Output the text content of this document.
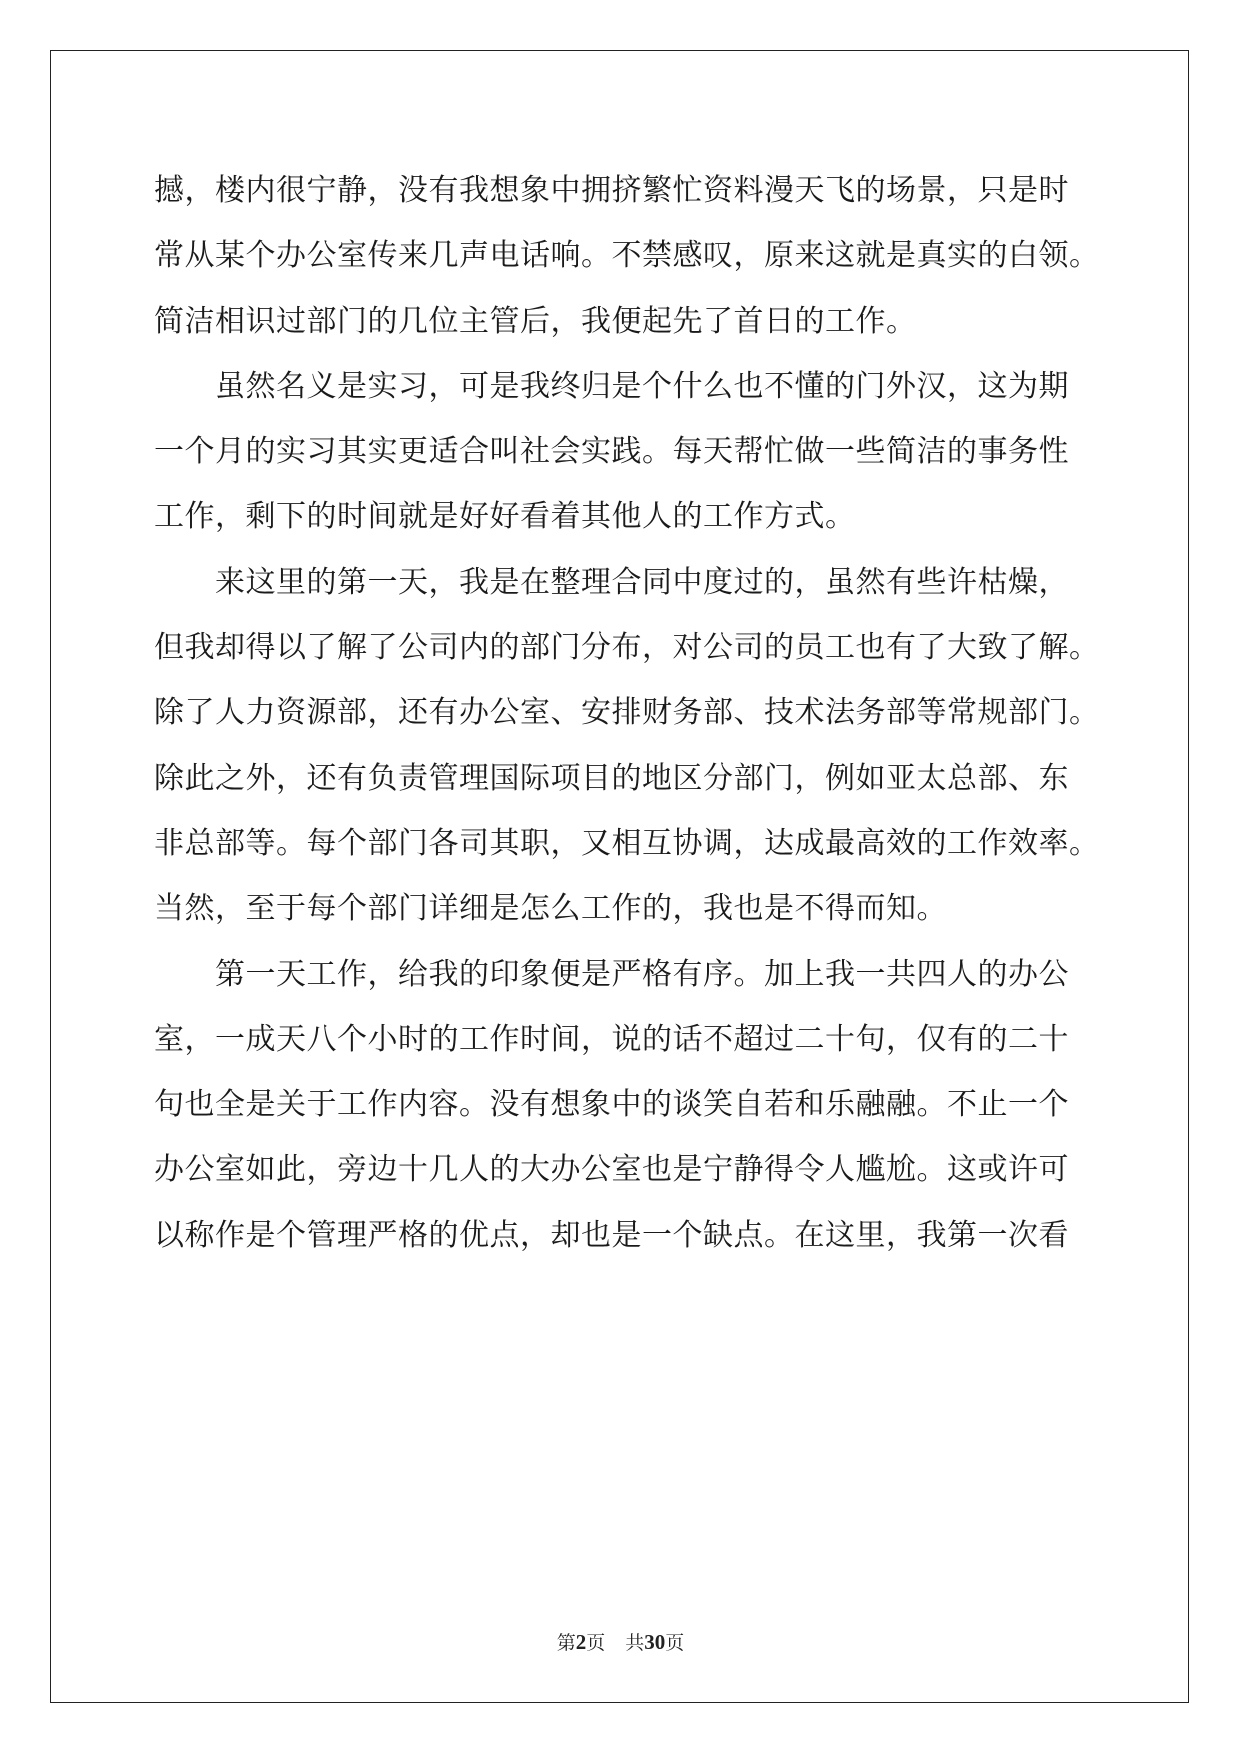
撼，楼内很宁静，没有我想象中拥挤繁忙资料漫天飞的场景，只是时
常从某个办公室传来几声电话响。不禁感叹，原来这就是真实的白领。
简洁相识过部门的几位主管后，我便起先了首日的工作。
虽然名义是实习，可是我终归是个什么也不懂的门外汉，这为期
一个月的实习其实更适合叫社会实践。每天帮忙做一些简洁的事务性
工作，剩下的时间就是好好看着其他人的工作方式。
来这里的第一天，我是在整理合同中度过的，虽然有些许枯燥，
但我却得以了解了公司内的部门分布，对公司的员工也有了大致了解。
除了人力资源部，还有办公室、安排财务部、技术法务部等常规部门。
除此之外，还有负责管理国际项目的地区分部门，例如亚太总部、东
非总部等。每个部门各司其职，又相互协调，达成最高效的工作效率。
当然，至于每个部门详细是怎么工作的，我也是不得而知。
第一天工作，给我的印象便是严格有序。加上我一共四人的办公
室，一成天八个小时的工作时间，说的话不超过二十句，仅有的二十
句也全是关于工作内容。没有想象中的谈笑自若和乐融融。不止一个
办公室如此，旁边十几人的大办公室也是宁静得令人尴尬。这或许可
以称作是个管理严格的优点，却也是一个缺点。在这里，我第一次看
第2页 共30页
